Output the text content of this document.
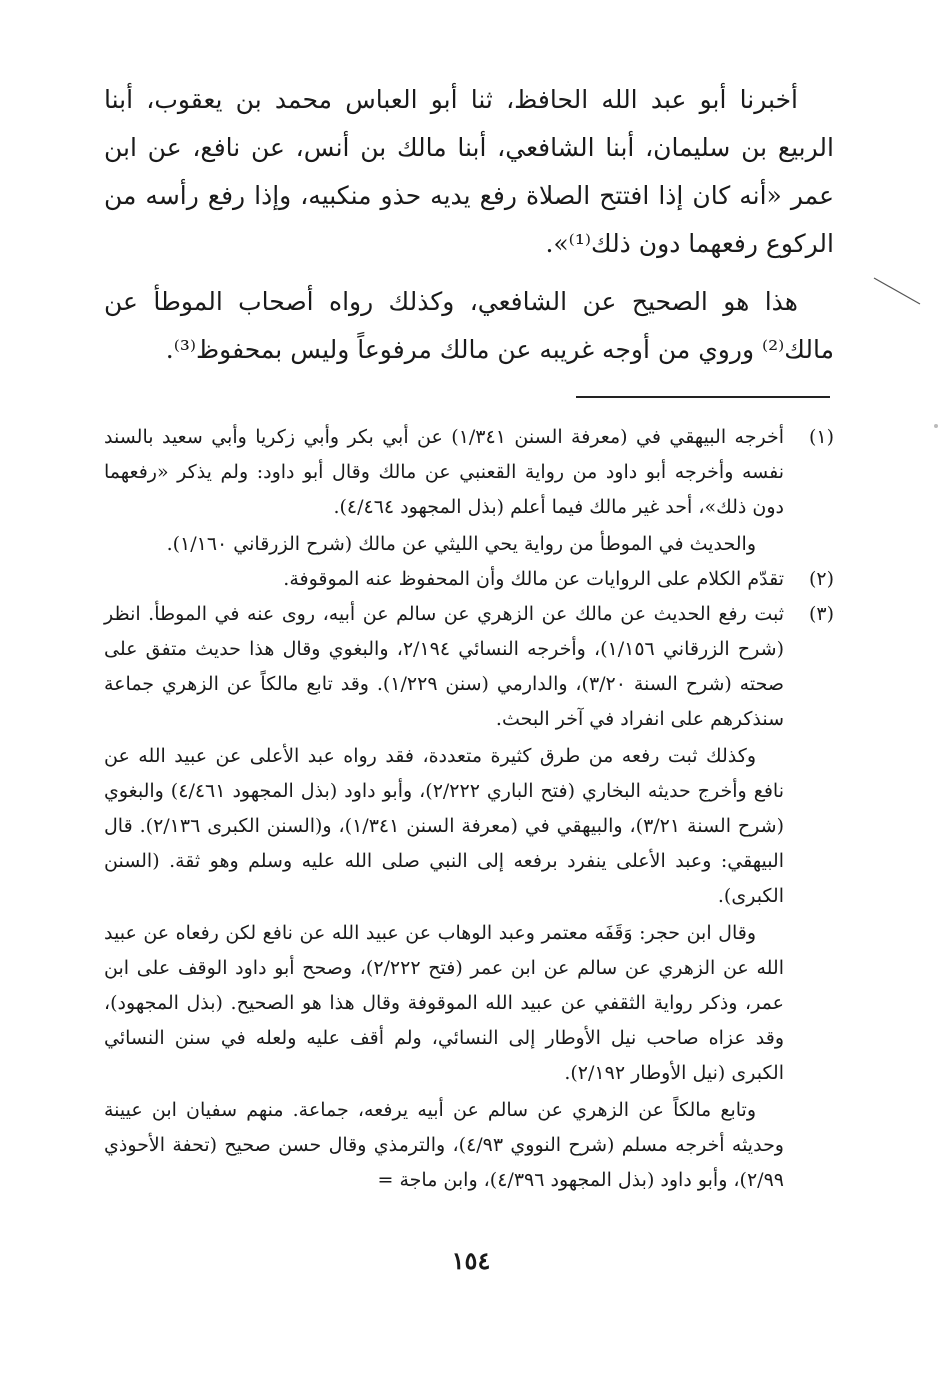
أخبرنا أبو عبد الله الحافظ، ثنا أبو العباس محمد بن يعقوب، أبنا الربيع بن سليمان، أبنا الشافعي، أبنا مالك بن أنس، عن نافع، عن ابن عمر «أنه كان إذا افتتح الصلاة رفع يديه حذو منكبيه، وإذا رفع رأسه من الركوع رفعهما دون ذلك⁽¹⁾».

هذا هو الصحيح عن الشافعي، وكذلك رواه أصحاب الموطأ عن مالك⁽²⁾ وروي من أوجه غريبه عن مالك مرفوعاً وليس بمحفوظ⁽³⁾.

(١)

أخرجه البيهقي في (معرفة السنن ١/٣٤١) عن أبي بكر وأبي زكريا وأبي سعيد بالسند نفسه وأخرجه أبو داود من رواية القعنبي عن مالك وقال أبو داود: ولم يذكر «رفعهما دون ذلك»، أحد غير مالك فيما أعلم (بذل المجهود ٤/٤٦٤).

والحديث في الموطأ من رواية يحي الليثي عن مالك (شرح الزرقاني ١/١٦٠).

(٢)

تقدّم الكلام على الروايات عن مالك وأن المحفوظ عنه الموقوفة.

(٣)

ثبت رفع الحديث عن مالك عن الزهري عن سالم عن أبيه، روى عنه في الموطأ. انظر (شرح الزرقاني ١/١٥٦)، وأخرجه النسائي ٢/١٩٤، والبغوي وقال هذا حديث متفق على صحته (شرح السنة ٣/٢٠)، والدارمي (سنن ١/٢٢٩). وقد تابع مالكاً عن الزهري جماعة سنذكرهم على انفراد في آخر البحث.

وكذلك ثبت رفعه من طرق كثيرة متعددة، فقد رواه عبد الأعلى عن عبيد الله عن نافع وأخرج حديثه البخاري (فتح الباري ٢/٢٢٢)، وأبو داود (بذل المجهود ٤/٤٦١) والبغوي (شرح السنة ٣/٢١)، والبيهقي في (معرفة السنن ١/٣٤١)، و(السنن الكبرى ٢/١٣٦). قال البيهقي: وعبد الأعلى ينفرد برفعه إلى النبي صلى الله عليه وسلم وهو ثقة. (السنن الكبرى).

وقال ابن حجر: وَقَفَه معتمر وعبد الوهاب عن عبيد الله عن نافع لكن رفعاه عن عبيد الله عن الزهري عن سالم عن ابن عمر (فتح ٢/٢٢٢)، وصحح أبو داود الوقف على ابن عمر، وذكر رواية الثقفي عن عبيد الله الموقوفة وقال هذا هو الصحيح. (بذل المجهود)، وقد عزاه صاحب نيل الأوطار إلى النسائي، ولم أقف عليه ولعله في سنن النسائي الكبرى (نيل الأوطار ٢/١٩٢).

وتابع مالكاً عن الزهري عن سالم عن أبيه يرفعه، جماعة. منهم سفيان ابن عيينة وحديثه أخرجه مسلم (شرح النووي ٤/٩٣)، والترمذي وقال حسن صحيح (تحفة الأحوذي ٢/٩٩)، وأبو داود (بذل المجهود ٤/٣٩٦)، وابن ماجة =

١٥٤
